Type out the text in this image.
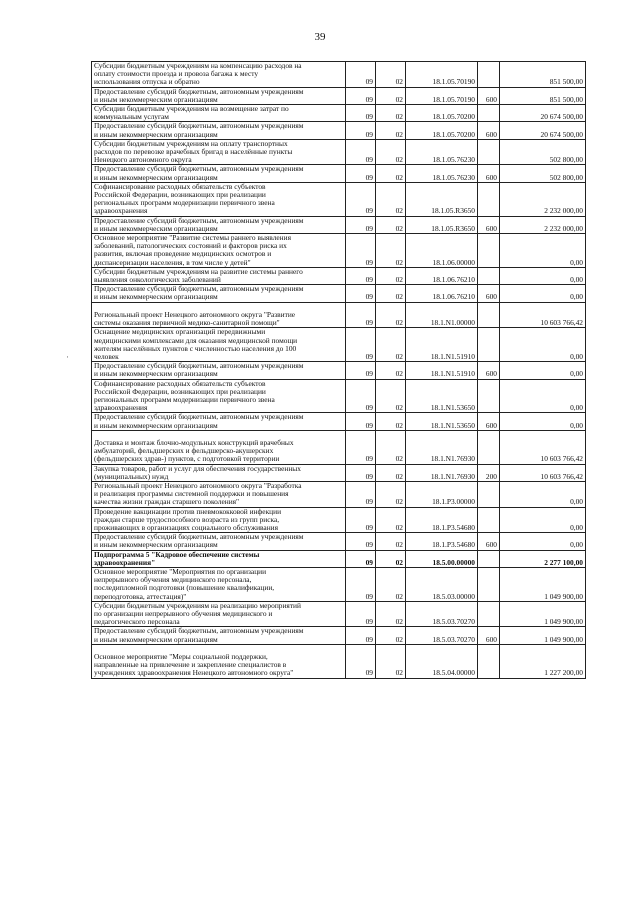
39
·
Субсидии бюджетным учреждениям на компенсацию расходов на
оплату стоимости проезда и провоза багажа к месту
использования отпуска и обратно	09	02	18.1.05.70190		851 500,00
Предоставление субсидий бюджетным, автономным учреждениям
и иным некоммерческим организациям	09	02	18.1.05.70190	600	851 500,00
Субсидии бюджетным учреждениям на возмещение затрат по
коммунальным услугам	09	02	18.1.05.70200		20 674 500,00
Предоставление субсидий бюджетным, автономным учреждениям
и иным некоммерческим организациям	09	02	18.1.05.70200	600	20 674 500,00
Субсидии бюджетным учреждениям на оплату транспортных
расходов по перевозке врачебных бригад в населённые пункты
Ненецкого автономного округа	09	02	18.1.05.76230		502 800,00
Предоставление субсидий бюджетным, автономным учреждениям
и иным некоммерческим организациям	09	02	18.1.05.76230	600	502 800,00
Софинансирование расходных обязательств субъектов
Российской Федерации, возникающих при реализации
региональных программ модернизации первичного звена
здравоохранения	09	02	18.1.05.R3650		2 232 000,00
Предоставление субсидий бюджетным, автономным учреждениям
и иным некоммерческим организациям	09	02	18.1.05.R3650	600	2 232 000,00
Основное мероприятие "Развитие системы раннего выявления
заболеваний, патологических состояний и факторов риска их
развития, включая проведение медицинских осмотров и
диспансеризации населения, в том числе у детей"	09	02	18.1.06.00000		0,00
Субсидии бюджетным учреждениям на развитие системы раннего
выявления онкологических заболеваний	09	02	18.1.06.76210		0,00
Предоставление субсидий бюджетным, автономным учреждениям
и иным некоммерческим организациям	09	02	18.1.06.76210	600	0,00
Региональный проект Ненецкого автономного округа "Развитие
системы оказания первичной медико-санитарной помощи"	09	02	18.1.N1.00000		10 603 766,42
Оснащение медицинских организаций передвижными
медицинскими комплексами для оказания медицинской помощи
жителям населённых пунктов с численностью населения до 100
человек	09	02	18.1.N1.51910		0,00
Предоставление субсидий бюджетным, автономным учреждениям
и иным некоммерческим организациям	09	02	18.1.N1.51910	600	0,00
Софинансирование расходных обязательств субъектов
Российской Федерации, возникающих при реализации
региональных программ модернизации первичного звена
здравоохранения	09	02	18.1.N1.53650		0,00
Предоставление субсидий бюджетным, автономным учреждениям
и иным некоммерческим организациям	09	02	18.1.N1.53650	600	0,00
Доставка и монтаж блочно-модульных конструкций врачебных
амбулаторий, фельдшерских и фельдшерско-акушерских
(фельдшерских здрав-) пунктов, с подготовкой территории	09	02	18.1.N1.76930		10 603 766,42
Закупка товаров, работ и услуг для обеспечения государственных
(муниципальных) нужд	09	02	18.1.N1.76930	200	10 603 766,42
Региональный проект Ненецкого автономного округа "Разработка
и реализация программы системной поддержки и повышения
качества жизни граждан старшего поколения"	09	02	18.1.P3.00000		0,00
Проведение вакцинации против пневмококковой инфекции
граждан старше трудоспособного возраста из групп риска,
проживающих в организациях социального обслуживания	09	02	18.1.P3.54680		0,00
Предоставление субсидий бюджетным, автономным учреждениям
и иным некоммерческим организациям	09	02	18.1.P3.54680	600	0,00
Подпрограмма 5 "Кадровое обеспечение системы
здравоохранения"	09	02	18.5.00.00000		2 277 100,00
Основное мероприятие "Мероприятия по организации
непрерывного обучения медицинского персонала,
последипломной подготовки (повышение квалификации,
переподготовка, аттестация)"	09	02	18.5.03.00000		1 049 900,00
Субсидии бюджетным учреждениям на реализацию мероприятий
по организации непрерывного обучения медицинского и
педагогического персонала	09	02	18.5.03.70270		1 049 900,00
Предоставление субсидий бюджетным, автономным учреждениям
и иным некоммерческим организациям	09	02	18.5.03.70270	600	1 049 900,00
Основное мероприятие "Меры социальной поддержки,
направленные на привлечение и закрепление специалистов в
учреждениях здравоохранения Ненецкого автономного округа"	09	02	18.5.04.00000		1 227 200,00
